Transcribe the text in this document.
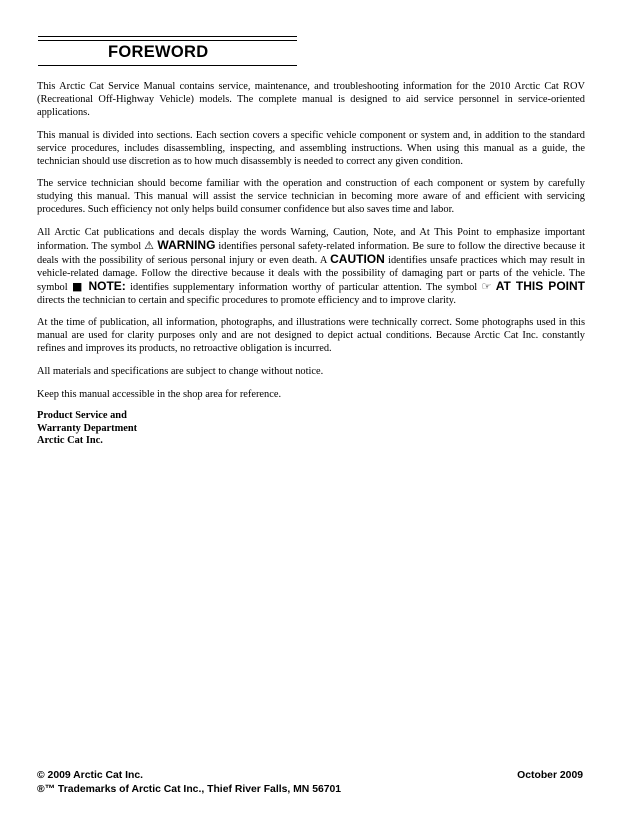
FOREWORD

This Arctic Cat Service Manual contains service, maintenance, and troubleshooting information for the 2010 Arctic Cat ROV (Recreational Off-Highway Vehicle) models. The complete manual is designed to aid service personnel in service-oriented applications.

This manual is divided into sections. Each section covers a specific vehicle component or system and, in addition to the standard service procedures, includes disassembling, inspecting, and assembling instructions. When using this manual as a guide, the technician should use discretion as to how much disassembly is needed to correct any given condition.

The service technician should become familiar with the operation and construction of each component or system by carefully studying this manual. This manual will assist the service technician in becoming more aware of and efficient with servicing procedures. Such efficiency not only helps build consumer confidence but also saves time and labor.

All Arctic Cat publications and decals display the words Warning, Caution, Note, and At This Point to emphasize important information. The symbol ⚠ WARNING identifies personal safety-related information. Be sure to follow the directive because it deals with the possibility of serious personal injury or even death. A CAUTION identifies unsafe practices which may result in vehicle-related damage. Follow the directive because it deals with the possibility of damaging part or parts of the vehicle. The symbol ■ NOTE: identifies supplementary information worthy of particular attention. The symbol ☞ AT THIS POINT directs the technician to certain and specific procedures to promote efficiency and to improve clarity.

At the time of publication, all information, photographs, and illustrations were technically correct. Some photographs used in this manual are used for clarity purposes only and are not designed to depict actual conditions. Because Arctic Cat Inc. constantly refines and improves its products, no retroactive obligation is incurred.

All materials and specifications are subject to change without notice.

Keep this manual accessible in the shop area for reference.

Product Service and
Warranty Department
Arctic Cat Inc.
© 2009 Arctic Cat Inc.	October 2009
®™ Trademarks of Arctic Cat Inc., Thief River Falls, MN 56701
